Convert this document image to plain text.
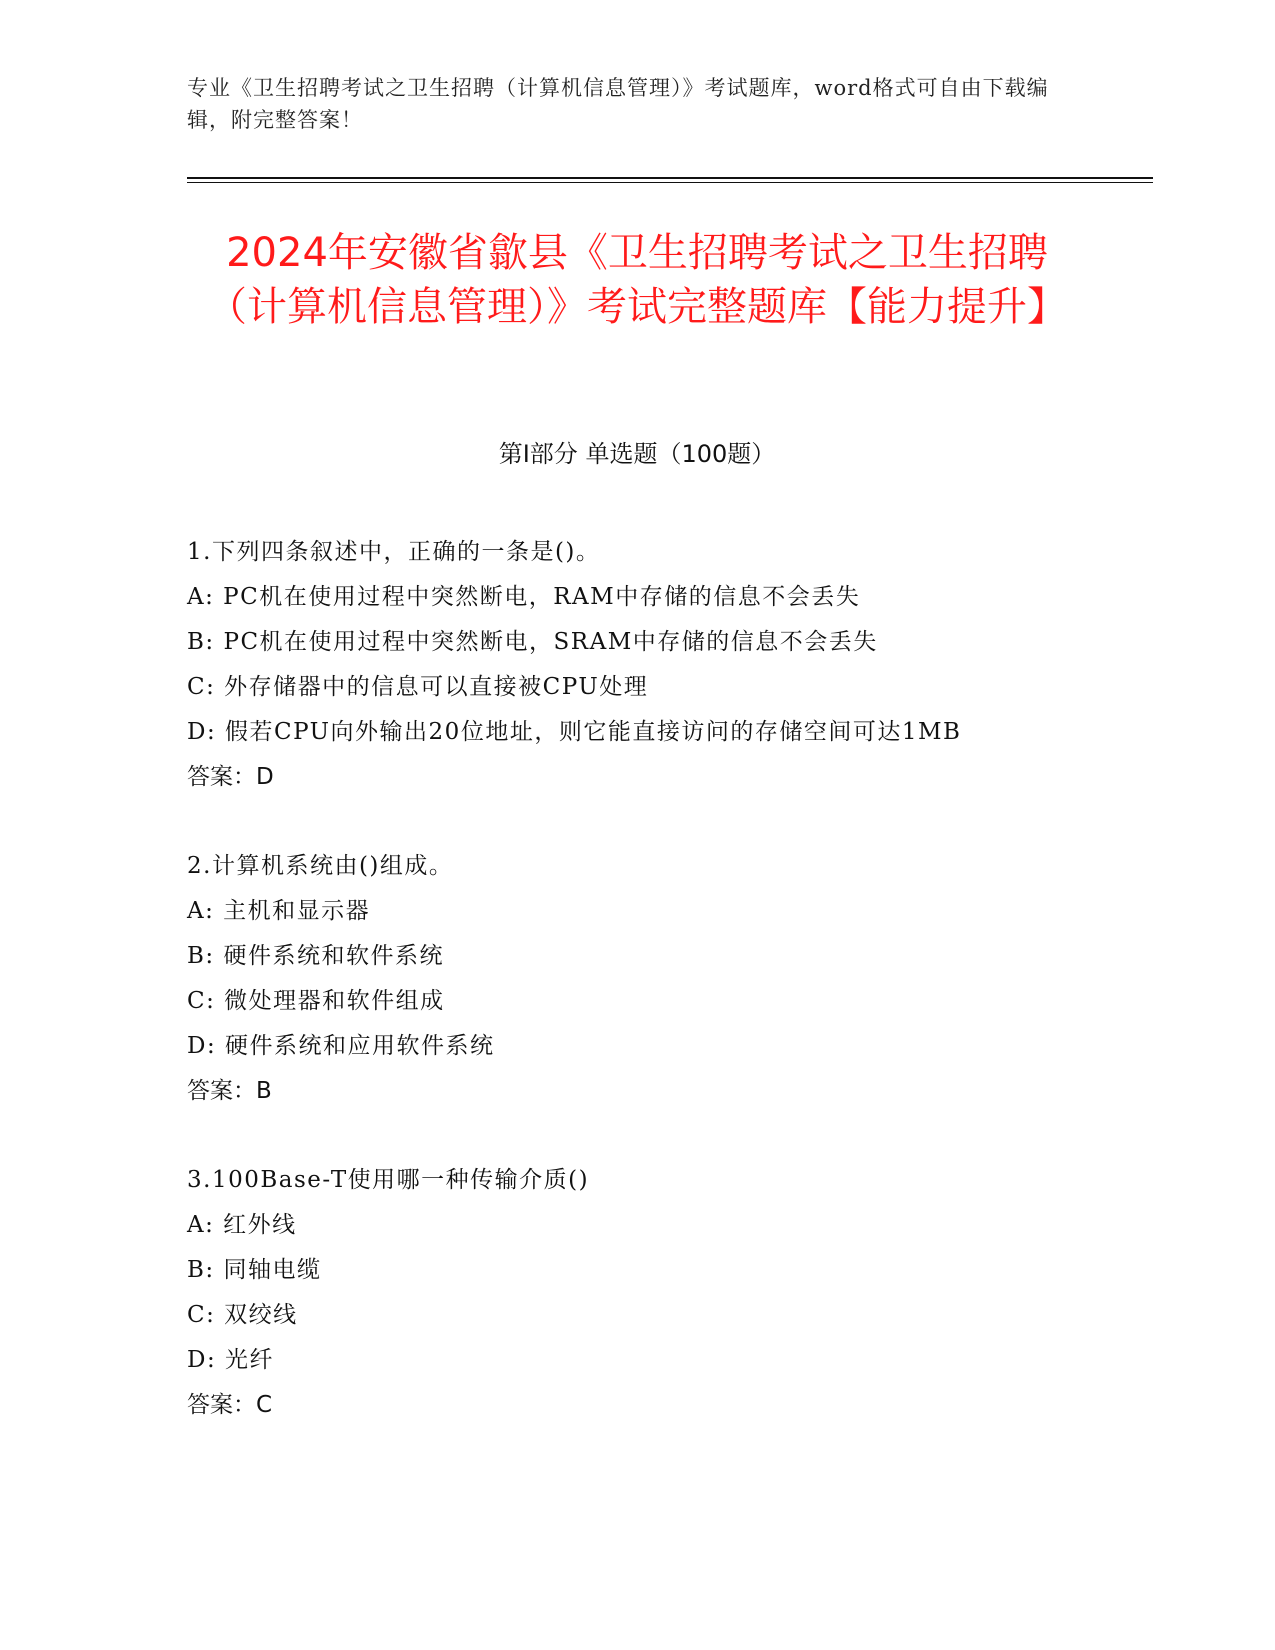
专业《卫生招聘考试之卫生招聘（计算机信息管理）》考试题库，word格式可自由下载编辑，附完整答案！
2024年安徽省歙县《卫生招聘考试之卫生招聘（计算机信息管理）》考试完整题库【能力提升】
第I部分 单选题（100题）
1.下列四条叙述中，正确的一条是()。
A: PC机在使用过程中突然断电，RAM中存储的信息不会丢失
B: PC机在使用过程中突然断电，SRAM中存储的信息不会丢失
C: 外存储器中的信息可以直接被CPU处理
D: 假若CPU向外输出20位地址，则它能直接访问的存储空间可达1MB
答案：D
2.计算机系统由()组成。
A: 主机和显示器
B: 硬件系统和软件系统
C: 微处理器和软件组成
D: 硬件系统和应用软件系统
答案：B
3.100Base-T使用哪一种传输介质()
A: 红外线
B: 同轴电缆
C: 双绞线
D: 光纤
答案：C
